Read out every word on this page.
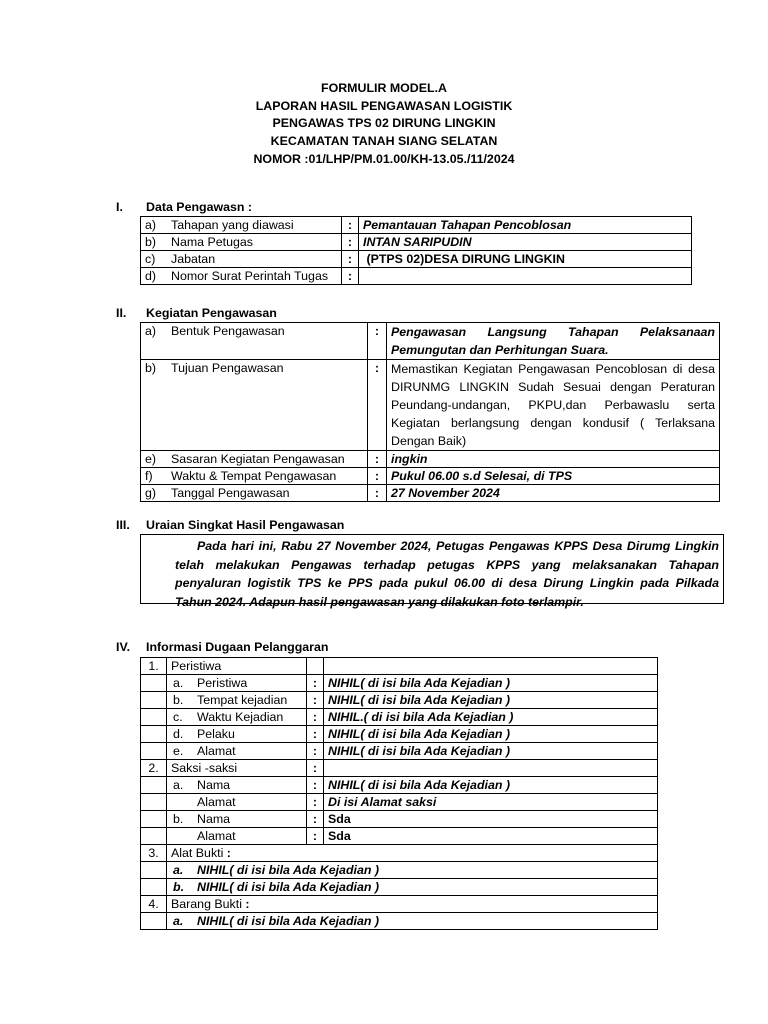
FORMULIR MODEL.A
LAPORAN HASIL PENGAWASAN LOGISTIK
PENGAWAS TPS 02 DIRUNG LINGKIN
KECAMATAN TANAH SIANG SELATAN
NOMOR :01/LHP/PM.01.00/KH-13.05./11/2024
I. Data Pengawasn :
a) Tahapan yang diawasi	:	Pemantauan Tahapan Pencoblosan
b) Nama Petugas	:	INTAN SARIPUDIN
c) Jabatan	:	(PTPS 02)DESA DIRUNG LINGKIN
d) Nomor Surat Perintah Tugas	:	
II. Kegiatan Pengawasan
a) Bentuk Pengawasan	:	Pengawasan Langsung Tahapan Pelaksanaan Pemungutan dan Perhitungan Suara.
b) Tujuan Pengawasan	:	Memastikan Kegiatan Pengawasan Pencoblosan di desa DIRUNMG LINGKIN Sudah Sesuai dengan Peraturan Peundang-undangan, PKPU,dan Perbawaslu serta Kegiatan berlangsung dengan kondusif ( Terlaksana Dengan Baik)
e) Sasaran Kegiatan Pengawasan	:	ingkin
f) Waktu & Tempat Pengawasan	:	Pukul 06.00 s.d Selesai, di TPS
g) Tanggal Pengawasan	:	27 November 2024
III. Uraian Singkat Hasil Pengawasan

Pada hari ini, Rabu 27 November 2024, Petugas Pengawas KPPS Desa Dirumg Lingkin telah melakukan Pengawas terhadap petugas KPPS yang melaksanakan Tahapan penyaluran logistik TPS ke PPS pada pukul 06.00 di desa Dirung Lingkin pada Pilkada Tahun 2024. Adapun hasil pengawasan yang dilakukan foto terlampir.

IV. Informasi Dugaan Pelanggaran
1.	Peristiwa		
	a. Peristiwa	:	NIHIL( di isi bila Ada Kejadian )
	b. Tempat kejadian	:	NIHIL( di isi bila Ada Kejadian )
	c. Waktu Kejadian	:	NIHIL.( di isi bila Ada Kejadian )
	d. Pelaku	:	NIHIL( di isi bila Ada Kejadian )
	e. Alamat	:	NIHIL( di isi bila Ada Kejadian )
2.	Saksi -saksi	:	
	a. Nama	:	NIHIL( di isi bila Ada Kejadian )
	Alamat	:	Di isi Alamat saksi
	b. Nama	:	Sda
	Alamat	:	Sda
3.	Alat Bukti :		
	a. NIHIL( di isi bila Ada Kejadian )		
	b. NIHIL( di isi bila Ada Kejadian )		
4.	Barang Bukti :		
	a. NIHIL( di isi bila Ada Kejadian )		
